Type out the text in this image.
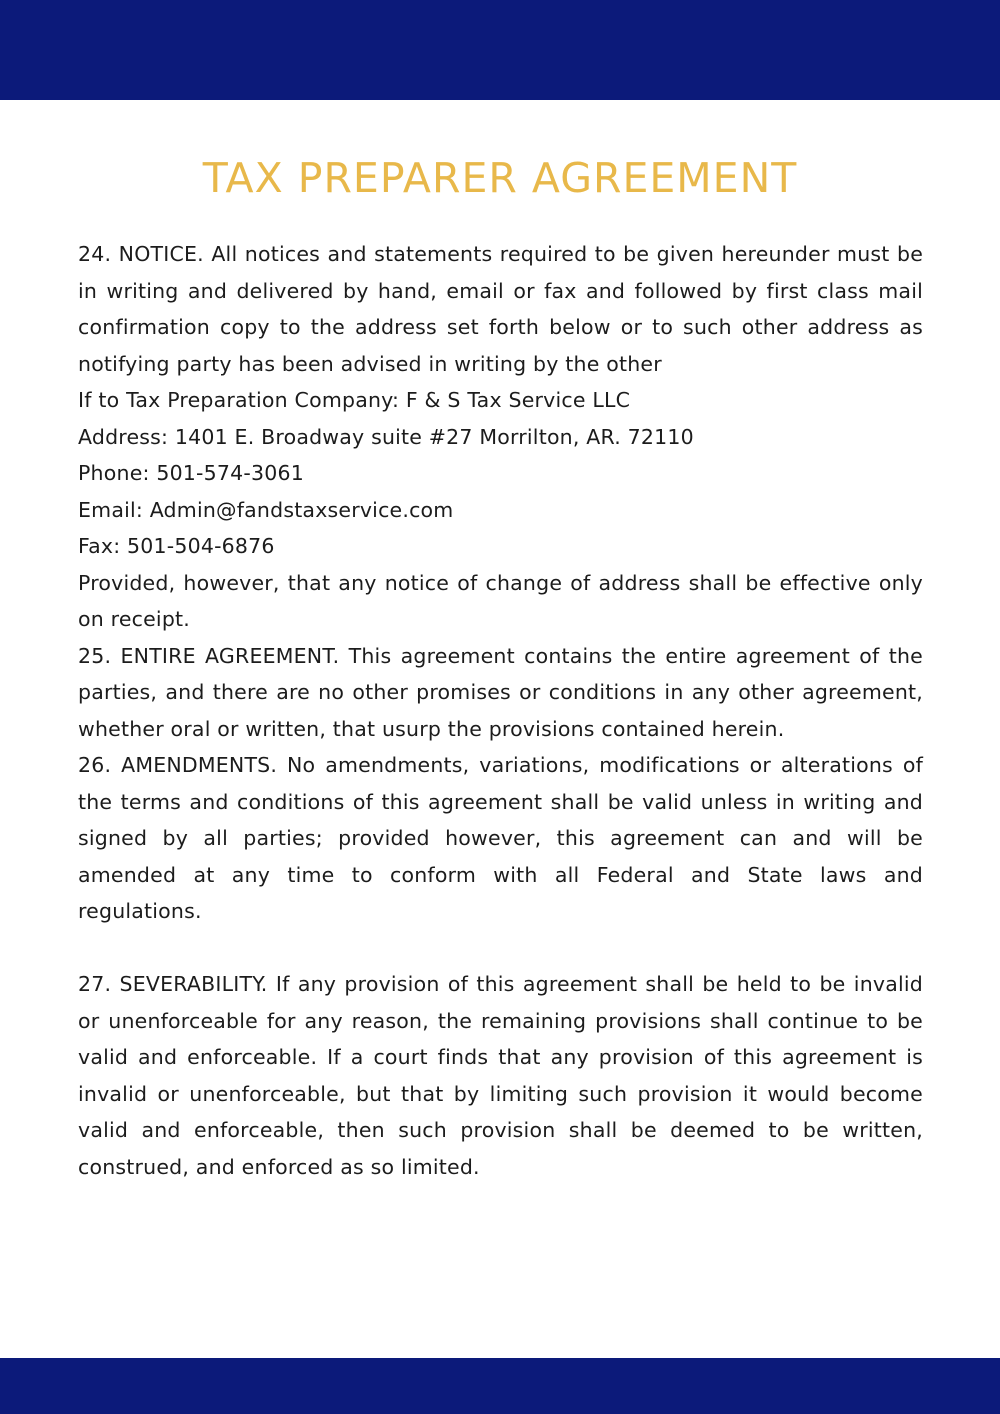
TAX PREPARER AGREEMENT

24. NOTICE. All notices and statements required to be given hereunder must be in writing and delivered by hand, email or fax and followed by first class mail confirmation copy to the address set forth below or to such other address as notifying party has been advised in writing by the other

If to Tax Preparation Company: F & S Tax Service LLC

Address: 1401 E. Broadway suite #27 Morrilton, AR. 72110

Phone: 501-574-3061

Email: Admin@fandstaxservice.com

Fax: 501-504-6876

Provided, however, that any notice of change of address shall be effective only on receipt.

25. ENTIRE AGREEMENT. This agreement contains the entire agreement of the parties, and there are no other promises or conditions in any other agreement, whether oral or written, that usurp the provisions contained herein.

26. AMENDMENTS. No amendments, variations, modifications or alterations of the terms and conditions of this agreement shall be valid unless in writing and signed by all parties; provided however, this agreement can and will be amended at any time to conform with all Federal and State laws and regulations.

27. SEVERABILITY. If any provision of this agreement shall be held to be invalid or unenforceable for any reason, the remaining provisions shall continue to be valid and enforceable. If a court finds that any provision of this agreement is invalid or unenforceable, but that by limiting such provision it would become valid and enforceable, then such provision shall be deemed to be written, construed, and enforced as so limited.
